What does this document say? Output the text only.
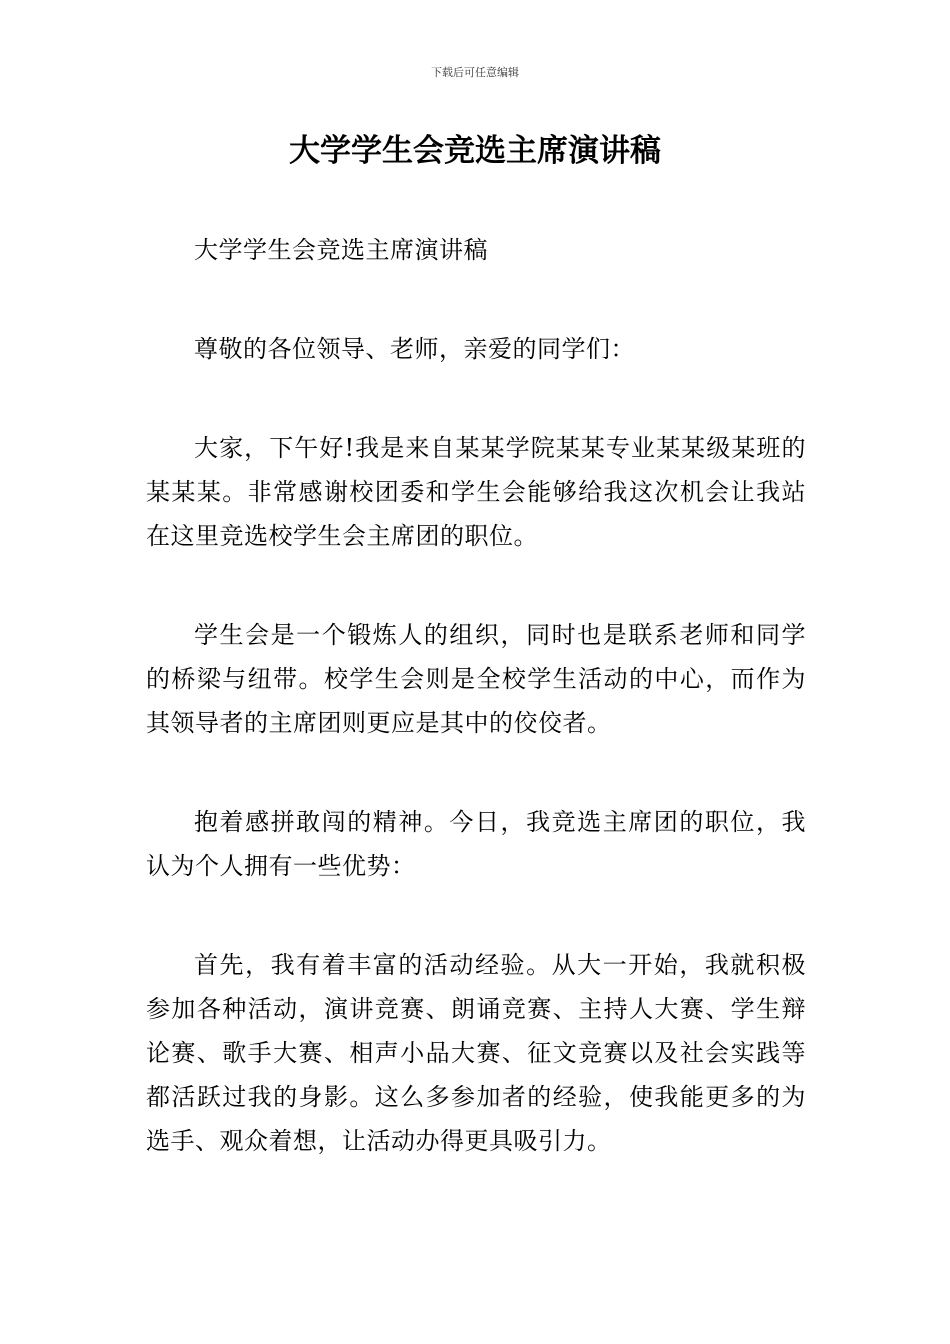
下载后可任意编辑
大学学生会竞选主席演讲稿

大学学生会竞选主席演讲稿

尊敬的各位领导、老师，亲爱的同学们：

大家，下午好!我是来自某某学院某某专业某某级某班的某某某。非常感谢校团委和学生会能够给我这次机会让我站在这里竞选校学生会主席团的职位。

学生会是一个锻炼人的组织，同时也是联系老师和同学的桥梁与纽带。校学生会则是全校学生活动的中心，而作为其领导者的主席团则更应是其中的佼佼者。

抱着感拼敢闯的精神。今日，我竞选主席团的职位，我认为个人拥有一些优势：

首先，我有着丰富的活动经验。从大一开始，我就积极参加各种活动，演讲竞赛、朗诵竞赛、主持人大赛、学生辩论赛、歌手大赛、相声小品大赛、征文竞赛以及社会实践等都活跃过我的身影。这么多参加者的经验，使我能更多的为选手、观众着想，让活动办得更具吸引力。
